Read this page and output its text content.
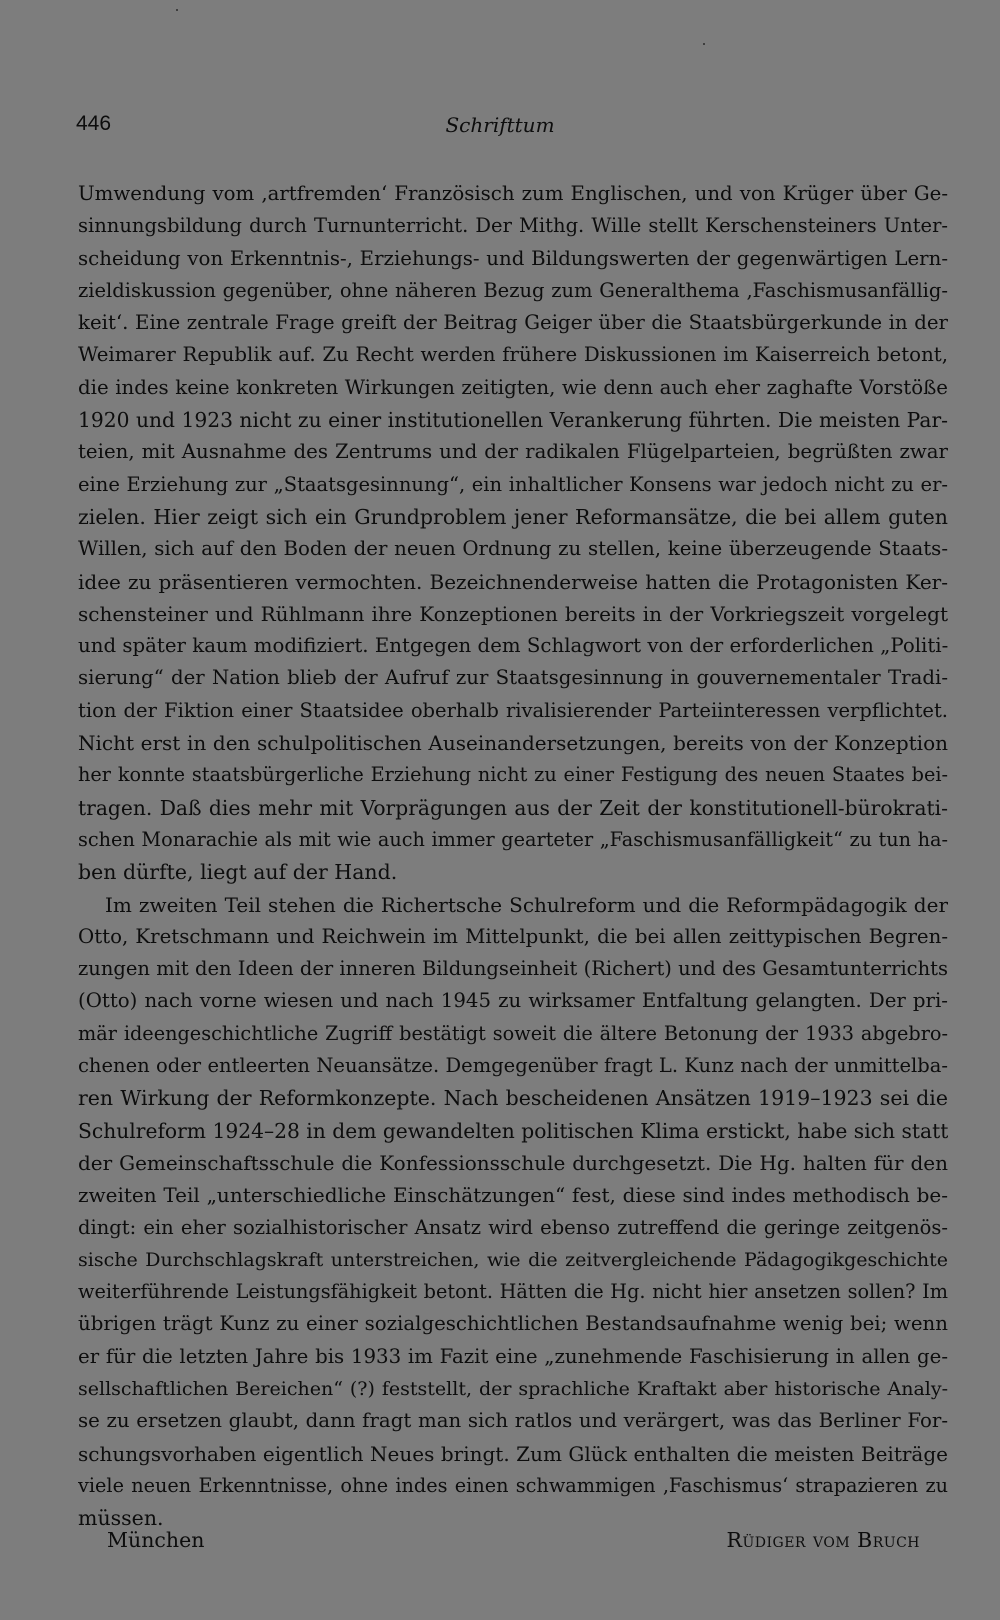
446	Schrifttum
Umwendung vom ‚artfremden‘ Französisch zum Englischen, und von Krüger über Ge-
sinnungsbildung durch Turnunterricht. Der Mithg. Wille stellt Kerschensteiners Unter-
scheidung von Erkenntnis-, Erziehungs- und Bildungswerten der gegenwärtigen Lern-
zieldiskussion gegenüber, ohne näheren Bezug zum Generalthema ‚Faschismusanfällig-
keit‘. Eine zentrale Frage greift der Beitrag Geiger über die Staatsbürgerkunde in der
Weimarer Republik auf. Zu Recht werden frühere Diskussionen im Kaiserreich betont,
die indes keine konkreten Wirkungen zeitigten, wie denn auch eher zaghafte Vorstöße
1920 und 1923 nicht zu einer institutionellen Verankerung führten. Die meisten Par-
teien, mit Ausnahme des Zentrums und der radikalen Flügelparteien, begrüßten zwar
eine Erziehung zur „Staatsgesinnung“, ein inhaltlicher Konsens war jedoch nicht zu er-
zielen. Hier zeigt sich ein Grundproblem jener Reformansätze, die bei allem guten
Willen, sich auf den Boden der neuen Ordnung zu stellen, keine überzeugende Staats-
idee zu präsentieren vermochten. Bezeichnenderweise hatten die Protagonisten Ker-
schensteiner und Rühlmann ihre Konzeptionen bereits in der Vorkriegszeit vorgelegt
und später kaum modifiziert. Entgegen dem Schlagwort von der erforderlichen „Politi-
sierung“ der Nation blieb der Aufruf zur Staatsgesinnung in gouvernementaler Tradi-
tion der Fiktion einer Staatsidee oberhalb rivalisierender Parteiinteressen verpflichtet.
Nicht erst in den schulpolitischen Auseinandersetzungen, bereits von der Konzeption
her konnte staatsbürgerliche Erziehung nicht zu einer Festigung des neuen Staates bei-
tragen. Daß dies mehr mit Vorprägungen aus der Zeit der konstitutionell-bürokrati-
schen Monarachie als mit wie auch immer gearteter „Faschismusanfälligkeit“ zu tun ha-
ben dürfte, liegt auf der Hand.
Im zweiten Teil stehen die Richertsche Schulreform und die Reformpädagogik der
Otto, Kretschmann und Reichwein im Mittelpunkt, die bei allen zeittypischen Begren-
zungen mit den Ideen der inneren Bildungseinheit (Richert) und des Gesamtunterrichts
(Otto) nach vorne wiesen und nach 1945 zu wirksamer Entfaltung gelangten. Der pri-
mär ideengeschichtliche Zugriff bestätigt soweit die ältere Betonung der 1933 abgebro-
chenen oder entleerten Neuansätze. Demgegenüber fragt L. Kunz nach der unmittelba-
ren Wirkung der Reformkonzepte. Nach bescheidenen Ansätzen 1919–1923 sei die
Schulreform 1924–28 in dem gewandelten politischen Klima erstickt, habe sich statt
der Gemeinschaftsschule die Konfessionsschule durchgesetzt. Die Hg. halten für den
zweiten Teil „unterschiedliche Einschätzungen“ fest, diese sind indes methodisch be-
dingt: ein eher sozialhistorischer Ansatz wird ebenso zutreffend die geringe zeitgenös-
sische Durchschlagskraft unterstreichen, wie die zeitvergleichende Pädagogikgeschichte
weiterführende Leistungsfähigkeit betont. Hätten die Hg. nicht hier ansetzen sollen? Im
übrigen trägt Kunz zu einer sozialgeschichtlichen Bestandsaufnahme wenig bei; wenn
er für die letzten Jahre bis 1933 im Fazit eine „zunehmende Faschisierung in allen ge-
sellschaftlichen Bereichen“ (?) feststellt, der sprachliche Kraftakt aber historische Analy-
se zu ersetzen glaubt, dann fragt man sich ratlos und verärgert, was das Berliner For-
schungsvorhaben eigentlich Neues bringt. Zum Glück enthalten die meisten Beiträge
viele neuen Erkenntnisse, ohne indes einen schwammigen ‚Faschismus‘ strapazieren zu
müssen.
München	Rüdiger vom Bruch
